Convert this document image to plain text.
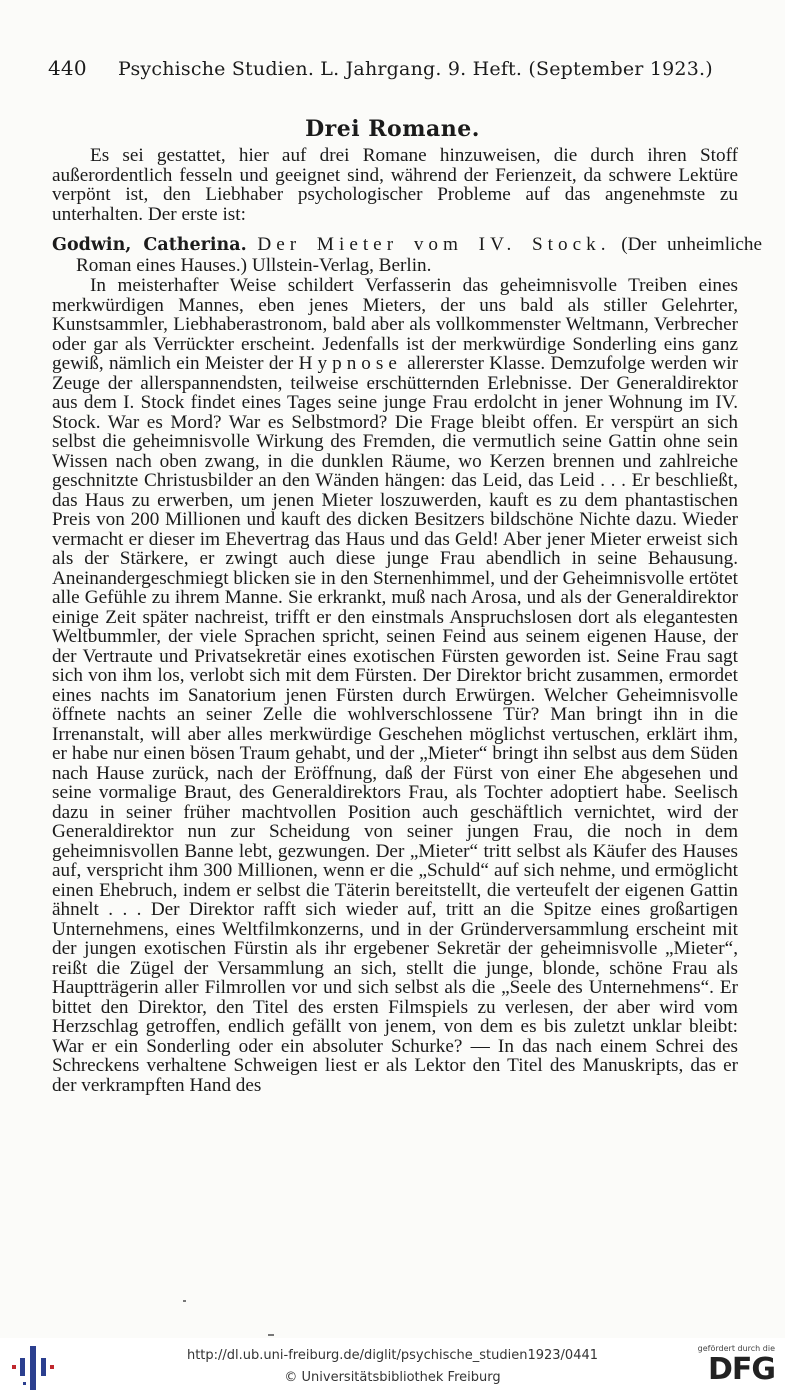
440 Psychische Studien. L. Jahrgang. 9. Heft. (September 1923.)
Drei Romane.
Es sei gestattet, hier auf drei Romane hinzuweisen, die durch ihren Stoff außerordentlich fesseln und geeignet sind, während der Ferienzeit, da schwere Lektüre verpönt ist, den Liebhaber psychologischer Probleme auf das angenehmste zu unterhalten. Der erste ist:
Godwin, Catherina. Der Mieter vom IV. Stock. (Der unheimliche Roman eines Hauses.) Ullstein-Verlag, Berlin.
In meisterhafter Weise schildert Verfasserin das geheimnisvolle Treiben eines merkwürdigen Mannes, eben jenes Mieters, der uns bald als stiller Gelehrter, Kunstsammler, Liebhaberastronom, bald aber als vollkommenster Weltmann, Verbrecher oder gar als Verrückter erscheint. Jedenfalls ist der merkwürdige Sonderling eins ganz gewiß, nämlich ein Meister der Hypnose allererster Klasse. Demzufolge werden wir Zeuge der allerspannendsten, teilweise erschütternden Erlebnisse. Der Generaldirektor aus dem I. Stock findet eines Tages seine junge Frau erdolcht in jener Wohnung im IV. Stock. War es Mord? War es Selbstmord? Die Frage bleibt offen. Er verspürt an sich selbst die geheimnisvolle Wirkung des Fremden, die vermutlich seine Gattin ohne sein Wissen nach oben zwang, in die dunklen Räume, wo Kerzen brennen und zahlreiche geschnitzte Christusbilder an den Wänden hängen: das Leid, das Leid . . . Er beschließt, das Haus zu erwerben, um jenen Mieter loszuwerden, kauft es zu dem phantastischen Preis von 200 Millionen und kauft des dicken Besitzers bildschöne Nichte dazu. Wieder vermacht er dieser im Ehevertrag das Haus und das Geld! Aber jener Mieter erweist sich als der Stärkere, er zwingt auch diese junge Frau abendlich in seine Behausung. Aneinandergeschmiegt blicken sie in den Sternenhimmel, und der Geheimnisvolle ertötet alle Gefühle zu ihrem Manne. Sie erkrankt, muß nach Arosa, und als der Generaldirektor einige Zeit später nachreist, trifft er den einstmals Anspruchslosen dort als elegantesten Weltbummler, der viele Sprachen spricht, seinen Feind aus seinem eigenen Hause, der der Vertraute und Privatsekretär eines exotischen Fürsten geworden ist. Seine Frau sagt sich von ihm los, verlobt sich mit dem Fürsten. Der Direktor bricht zusammen, ermordet eines nachts im Sanatorium jenen Fürsten durch Erwürgen. Welcher Geheimnisvolle öffnete nachts an seiner Zelle die wohlverschlossene Tür? Man bringt ihn in die Irrenanstalt, will aber alles merkwürdige Geschehen möglichst vertuschen, erklärt ihm, er habe nur einen bösen Traum gehabt, und der „Mieter“ bringt ihn selbst aus dem Süden nach Hause zurück, nach der Eröffnung, daß der Fürst von einer Ehe abgesehen und seine vormalige Braut, des Generaldirektors Frau, als Tochter adoptiert habe. Seelisch dazu in seiner früher machtvollen Position auch geschäftlich vernichtet, wird der Generaldirektor nun zur Scheidung von seiner jungen Frau, die noch in dem geheimnisvollen Banne lebt, gezwungen. Der „Mieter“ tritt selbst als Käufer des Hauses auf, verspricht ihm 300 Millionen, wenn er die „Schuld“ auf sich nehme, und ermöglicht einen Ehebruch, indem er selbst die Täterin bereitstellt, die verteufelt der eigenen Gattin ähnelt . . . Der Direktor rafft sich wieder auf, tritt an die Spitze eines großartigen Unternehmens, eines Weltfilmkonzerns, und in der Gründerversammlung erscheint mit der jungen exotischen Fürstin als ihr ergebener Sekretär der geheimnisvolle „Mieter“, reißt die Zügel der Versammlung an sich, stellt die junge, blonde, schöne Frau als Hauptträgerin aller Filmrollen vor und sich selbst als die „Seele des Unternehmens“. Er bittet den Direktor, den Titel des ersten Filmspiels zu verlesen, der aber wird vom Herzschlag getroffen, endlich gefällt von jenem, von dem es bis zuletzt unklar bleibt: War er ein Sonderling oder ein absoluter Schurke? — In das nach einem Schrei des Schreckens verhaltene Schweigen liest er als Lektor den Titel des Manuskripts, das er der verkrampften Hand des
http://dl.ub.uni-freiburg.de/diglit/psychische_studien1923/0441
© Universitätsbibliothek Freiburg
gefördert durch die
DFG
